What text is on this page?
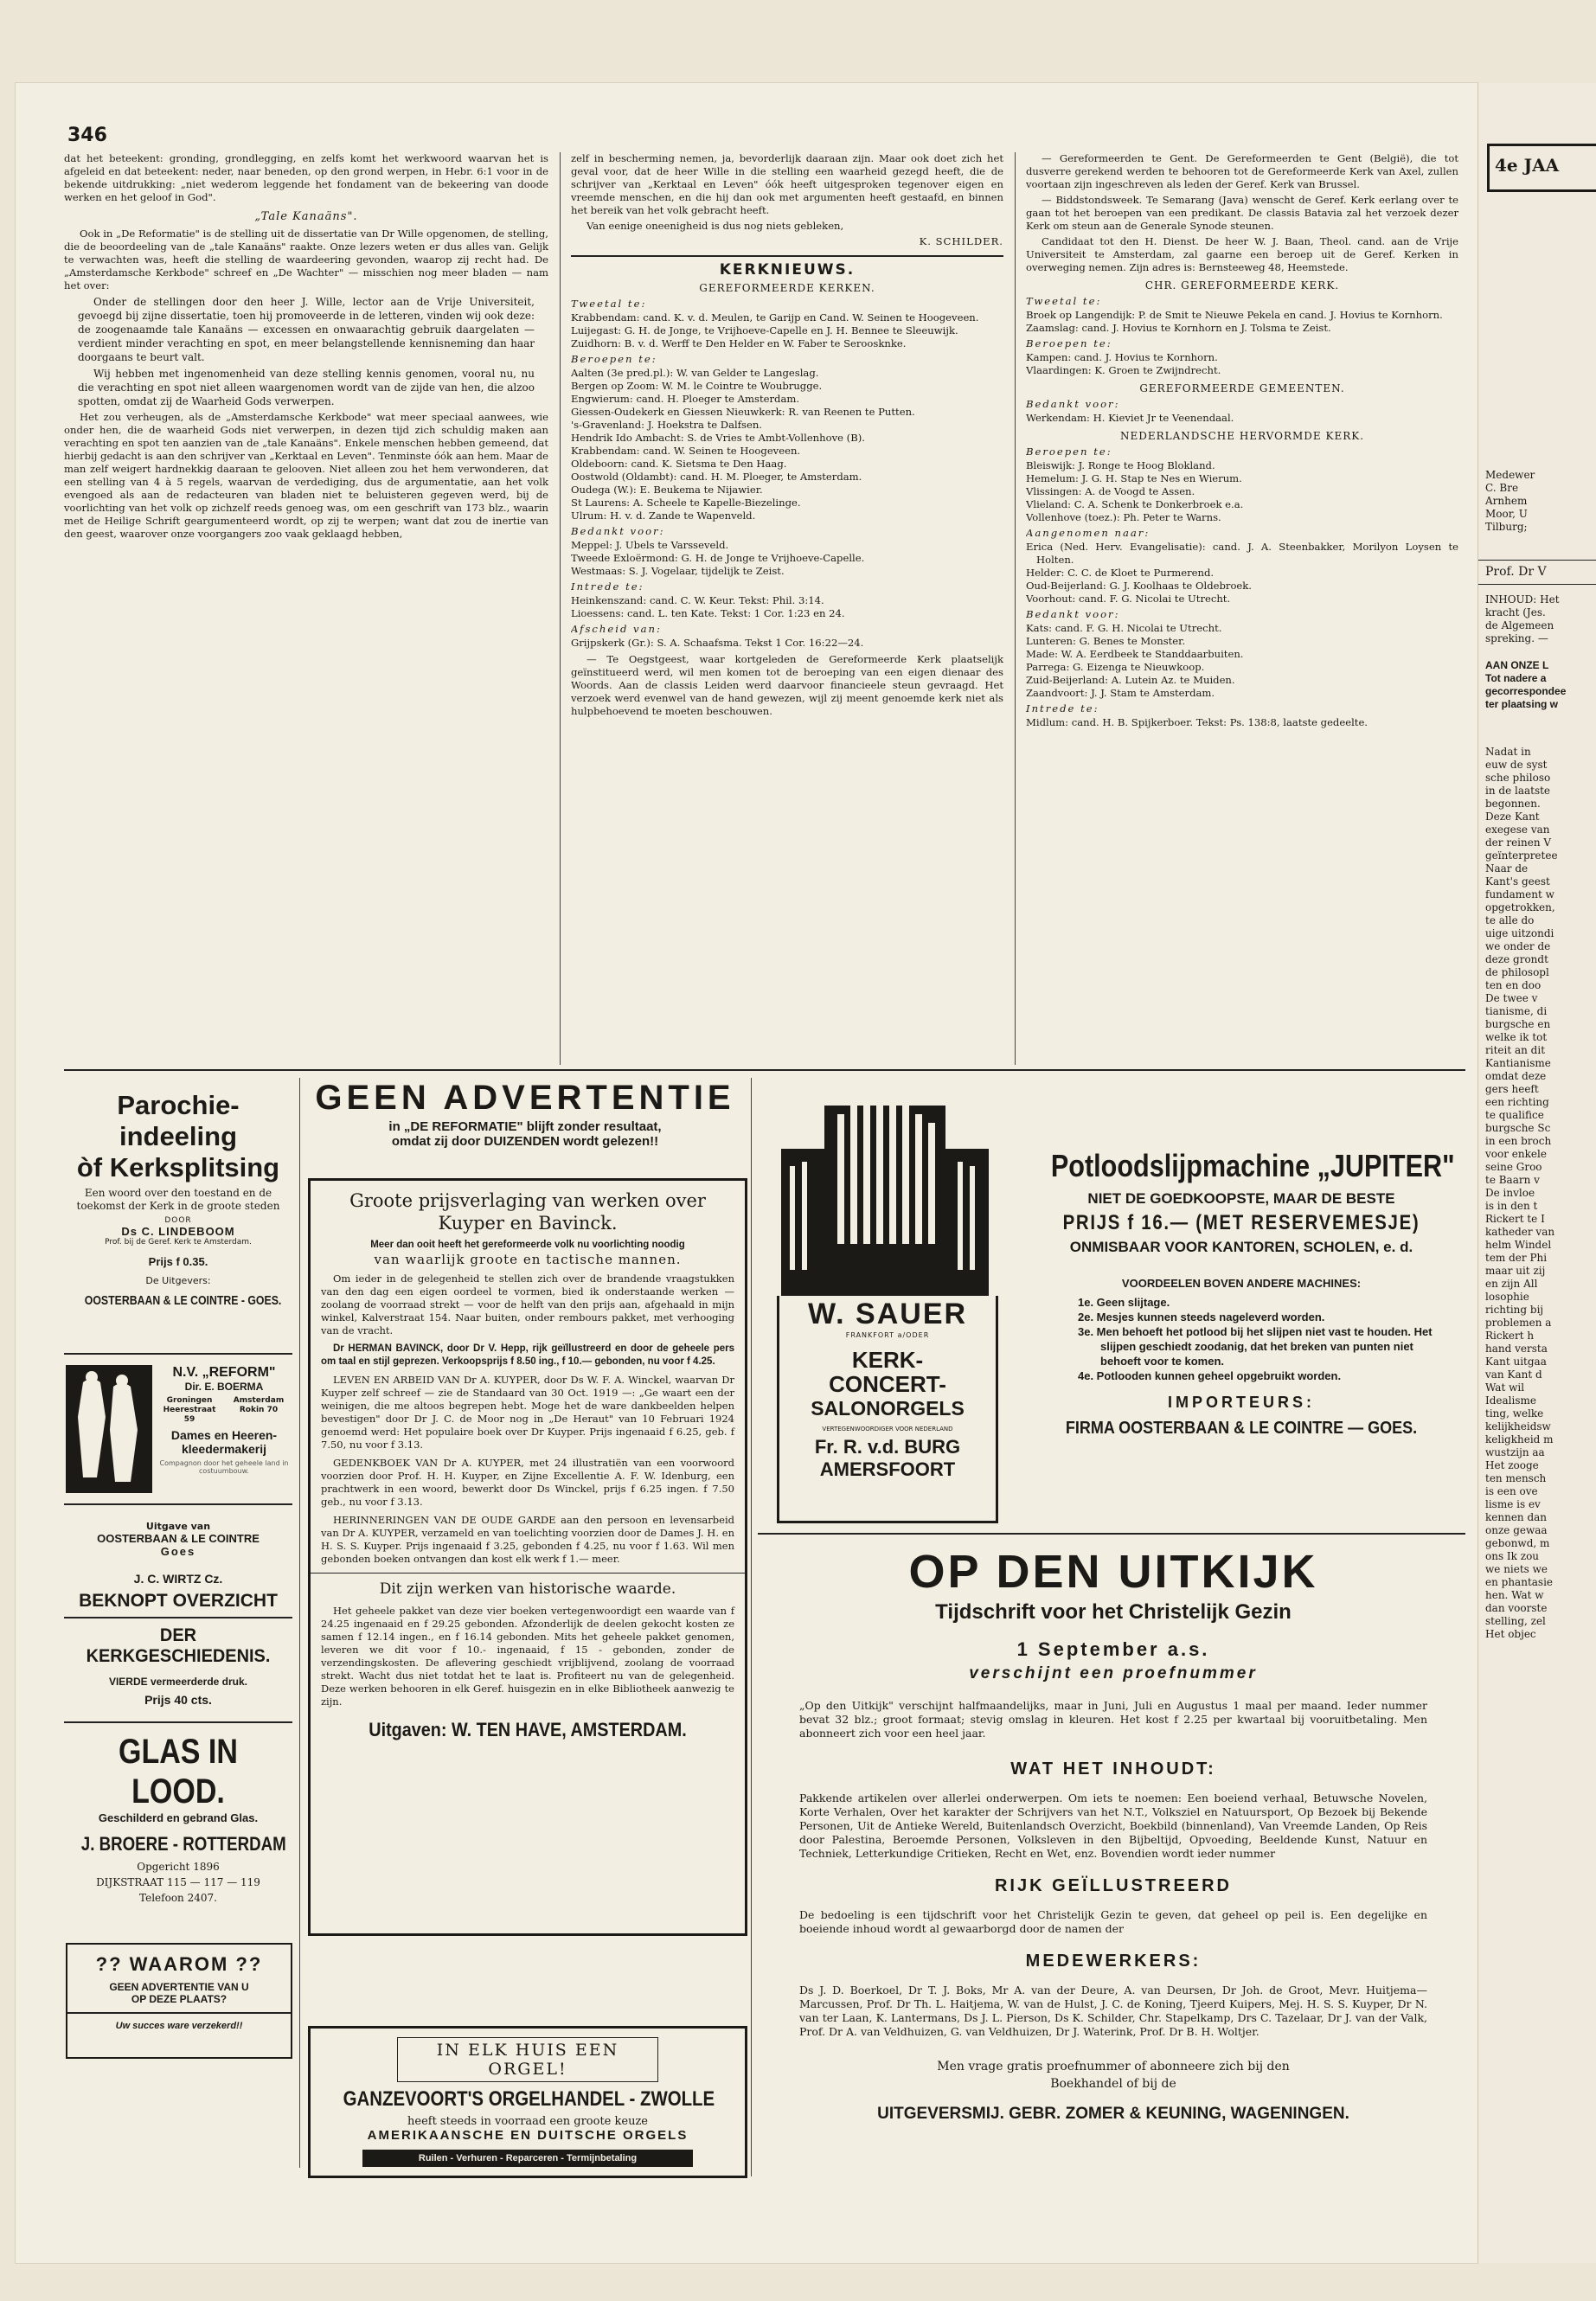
346

dat het beteekent: gronding, grondlegging, en zelfs komt het werkwoord waarvan het is afgeleid en dat beteekent: neder, naar beneden, op den grond werpen, in Hebr. 6:1 voor in de bekende uitdrukking: „niet wederom leggende het fondament van de bekeering van doode werken en het geloof in God".

„Tale Kanaäns".

Ook in „De Reformatie" is de stelling uit de dissertatie van Dr Wille opgenomen, de stelling, die de beoordeeling van de „tale Kanaäns" raakte. Onze lezers weten er dus alles van. Gelijk te verwachten was, heeft die stelling de waardeering gevonden, waarop zij recht had. De „Amsterdamsche Kerkbode" schreef en „De Wachter" — misschien nog meer bladen — nam het over:

Onder de stellingen door den heer J. Wille, lector aan de Vrije Universiteit, gevoegd bij zijne dissertatie, toen hij promoveerde in de letteren, vinden wij ook deze: de zoogenaamde tale Kanaäns — excessen en onwaarachtig gebruik daargelaten — verdient minder verachting en spot, en meer belangstellende kennisneming dan haar doorgaans te beurt valt.

Wij hebben met ingenomenheid van deze stelling kennis genomen, vooral nu, nu die verachting en spot niet alleen waargenomen wordt van de zijde van hen, die alzoo spotten, omdat zij de Waarheid Gods verwerpen.

Het zou verheugen, als de „Amsterdamsche Kerkbode" wat meer speciaal aanwees, wie onder hen, die de waarheid Gods niet verwerpen, in dezen tijd zich schuldig maken aan verachting en spot ten aanzien van de „tale Kanaäns". Enkele menschen hebben gemeend, dat hierbij gedacht is aan den schrijver van „Kerktaal en Leven". Tenminste óók aan hem. Maar de man zelf weigert hardnekkig daaraan te gelooven. Niet alleen zou het hem verwonderen, dat een stelling van 4 à 5 regels, waarvan de verdediging, dus de argumentatie, aan het volk evengoed als aan de redacteuren van bladen niet te beluisteren gegeven werd, bij de voorlichting van het volk op zichzelf reeds genoeg was, om een geschrift van 173 blz., waarin met de Heilige Schrift geargumenteerd wordt, op zij te werpen; want dat zou de inertie van den geest, waarover onze voorgangers zoo vaak geklaagd hebben,

zelf in bescherming nemen, ja, bevorderlijk daaraan zijn. Maar ook doet zich het geval voor, dat de heer Wille in die stelling een waarheid gezegd heeft, die de schrijver van „Kerktaal en Leven" óók heeft uitgesproken tegenover eigen en vreemde menschen, en die hij dan ook met argumenten heeft gestaafd, en binnen het bereik van het volk gebracht heeft.

Van eenige oneenigheid is dus nog niets gebleken,

K. SCHILDER.
KERKNIEUWS.
GEREFORMEERDE KERKEN.
Tweetal te:

Krabbendam: cand. K. v. d. Meulen, te Garijp en Cand. W. Seinen te Hoogeveen.

Luijegast: G. H. de Jonge, te Vrijhoeve-Capelle en J. H. Bennee te Sleeuwijk.

Zuidhorn: B. v. d. Werff te Den Helder en W. Faber te Seroosknke.

Beroepen te:

Aalten (3e pred.pl.): W. van Gelder te Langeslag.

Bergen op Zoom: W. M. le Cointre te Woubrugge.

Engwierum: cand. H. Ploeger te Amsterdam.

Giessen-Oudekerk en Giessen Nieuwkerk: R. van Reenen te Putten.

's-Gravenland: J. Hoekstra te Dalfsen.

Hendrik Ido Ambacht: S. de Vries te Ambt-Vollenhove (B).

Krabbendam: cand. W. Seinen te Hoogeveen.

Oldeboorn: cand. K. Sietsma te Den Haag.

Oostwold (Oldambt): cand. H. M. Ploeger, te Amsterdam.

Oudega (W.): E. Beukema te Nijawier.

St Laurens: A. Scheele te Kapelle-Biezelinge.

Ulrum: H. v. d. Zande te Wapenveld.

Bedankt voor:

Meppel: J. Ubels te Varsseveld.

Tweede Exloërmond: G. H. de Jonge te Vrijhoeve-Capelle.

Westmaas: S. J. Vogelaar, tijdelijk te Zeist.

Intrede te:

Heinkenszand: cand. C. W. Keur. Tekst: Phil. 3:14.

Lioessens: cand. L. ten Kate. Tekst: 1 Cor. 1:23 en 24.

Afscheid van:

Grijpskerk (Gr.): S. A. Schaafsma. Tekst 1 Cor. 16:22—24.

— Te Oegstgeest, waar kortgeleden de Gereformeerde Kerk plaatselijk geïnstitueerd werd, wil men komen tot de beroeping van een eigen dienaar des Woords. Aan de classis Leiden werd daarvoor financieele steun gevraagd. Het verzoek werd evenwel van de hand gewezen, wijl zij meent genoemde kerk niet als hulpbehoevend te moeten beschouwen.

— Gereformeerden te Gent. De Gereformeerden te Gent (België), die tot dusverre gerekend werden te behooren tot de Gereformeerde Kerk van Axel, zullen voortaan zijn ingeschreven als leden der Geref. Kerk van Brussel.

— Biddstondsweek. Te Semarang (Java) wenscht de Geref. Kerk eerlang over te gaan tot het beroepen van een predikant. De classis Batavia zal het verzoek dezer Kerk om steun aan de Generale Synode steunen.

Candidaat tot den H. Dienst. De heer W. J. Baan, Theol. cand. aan de Vrije Universiteit te Amsterdam, zal gaarne een beroep uit de Geref. Kerken in overweging nemen. Zijn adres is: Bernsteeweg 48, Heemstede.

CHR. GEREFORMEERDE KERK.
Tweetal te:

Broek op Langendijk: P. de Smit te Nieuwe Pekela en cand. J. Hovius te Kornhorn.

Zaamslag: cand. J. Hovius te Kornhorn en J. Tolsma te Zeist.

Beroepen te:

Kampen: cand. J. Hovius te Kornhorn.

Vlaardingen: K. Groen te Zwijndrecht.

GEREFORMEERDE GEMEENTEN.
Bedankt voor:

Werkendam: H. Kieviet Jr te Veenendaal.

NEDERLANDSCHE HERVORMDE KERK.
Beroepen te:

Bleiswijk: J. Ronge te Hoog Blokland.

Hemelum: J. G. H. Stap te Nes en Wierum.

Vlissingen: A. de Voogd te Assen.

Vlieland: C. A. Schenk te Donkerbroek e.a.

Vollenhove (toez.): Ph. Peter te Warns.

Aangenomen naar:

Erica (Ned. Herv. Evangelisatie): cand. J. A. Steenbakker, Morilyon Loysen te Holten.

Helder: C. C. de Kloet te Purmerend.

Oud-Beijerland: G. J. Koolhaas te Oldebroek.

Voorhout: cand. F. G. Nicolai te Utrecht.

Bedankt voor:

Kats: cand. F. G. H. Nicolai te Utrecht.

Lunteren: G. Benes te Monster.

Made: W. A. Eerdbeek te Standdaarbuiten.

Parrega: G. Eizenga te Nieuwkoop.

Zuid-Beijerland: A. Lutein Az. te Muiden.

Zaandvoort: J. J. Stam te Amsterdam.

Intrede te:

Midlum: cand. H. B. Spijkerboer. Tekst: Ps. 138:8, laatste gedeelte.

Parochie-indeeling
òf Kerksplitsing
Een woord over den toestand en de toekomst der Kerk in de groote steden
DOOR
Ds C. LINDEBOOM
Prof. bij de Geref. Kerk te Amsterdam.
Prijs f 0.35.
De Uitgevers:
OOSTERBAAN & LE COINTRE - GOES.
N.V. „REFORM"
Dir. E. BOERMA
Groningen Heerestraat 59
Amsterdam Rokin 70
Dames en Heeren-kleedermakerij
Compagnon door het geheele land in costuumbouw.
Uitgave van
OOSTERBAAN & LE COINTRE
Goes
J. C. WIRTZ Cz.
BEKNOPT OVERZICHT
DER KERKGESCHIEDENIS.
VIERDE vermeerderde druk.
Prijs 40 cts.
GLAS IN LOOD.
Geschilderd en gebrand Glas.
J. BROERE - ROTTERDAM
Opgericht 1896
DIJKSTRAAT 115 — 117 — 119
Telefoon 2407.
?? WAAROM ??
GEEN ADVERTENTIE VAN U
OP DEZE PLAATS?
Uw succes ware verzekerd!!
GEEN ADVERTENTIE
in „DE REFORMATIE" blijft zonder resultaat,
omdat zij door DUIZENDEN wordt gelezen!!
Groote prijsverlaging van werken over Kuyper en Bavinck.
Meer dan ooit heeft het gereformeerde volk nu voorlichting noodig
van waarlijk groote en tactische mannen.

Om ieder in de gelegenheid te stellen zich over de brandende vraagstukken van den dag een eigen oordeel te vormen, bied ik onderstaande werken — zoolang de voorraad strekt — voor de helft van den prijs aan, afgehaald in mijn winkel, Kalverstraat 154. Naar buiten, onder rembours pakket, met verhooging van de vracht.

Dr HERMAN BAVINCK, door Dr V. Hepp, rijk geïllustreerd en door de geheele pers om taal en stijl geprezen. Verkoopsprijs f 8.50 ing., f 10.— gebonden, nu voor f 4.25.

LEVEN EN ARBEID VAN Dr A. KUYPER, door Ds W. F. A. Winckel, waarvan Dr Kuyper zelf schreef — zie de Standaard van 30 Oct. 1919 —: „Ge waart een der weinigen, die me altoos begrepen hebt. Moge het de ware dankbeelden helpen bevestigen" door Dr J. C. de Moor nog in „De Heraut" van 10 Februari 1924 genoemd werd: Het populaire boek over Dr Kuyper. Prijs ingenaaid f 6.25, geb. f 7.50, nu voor f 3.13.

GEDENKBOEK VAN Dr A. KUYPER, met 24 illustratiën van een voorwoord voorzien door Prof. H. H. Kuyper, en Zijne Excellentie A. F. W. Idenburg, een prachtwerk in een woord, bewerkt door Ds Winckel, prijs f 6.25 ingen. f 7.50 geb., nu voor f 3.13.

HERINNERINGEN VAN DE OUDE GARDE aan den persoon en levensarbeid van Dr A. KUYPER, verzameld en van toelichting voorzien door de Dames J. H. en H. S. S. Kuyper. Prijs ingenaaid f 3.25, gebonden f 4.25, nu voor f 1.63. Wil men gebonden boeken ontvangen dan kost elk werk f 1.— meer.

Dit zijn werken van historische waarde.

Het geheele pakket van deze vier boeken vertegenwoordigt een waarde van f 24.25 ingenaaid en f 29.25 gebonden. Afzonderlijk de deelen gekocht kosten ze samen f 12.14 ingen., en f 16.14 gebonden. Mits het geheele pakket genomen, leveren we dit voor f 10.- ingenaaid, f 15 - gebonden, zonder de verzendingskosten. De aflevering geschiedt vrijblijvend, zoolang de voorraad strekt. Wacht dus niet totdat het te laat is. Profiteert nu van de gelegenheid. Deze werken behooren in elk Geref. huisgezin en in elke Bibliotheek aanwezig te zijn.

Uitgaven: W. TEN HAVE, AMSTERDAM.
IN ELK HUIS EEN ORGEL!
GANZEVOORT'S ORGELHANDEL - ZWOLLE
heeft steeds in voorraad een groote keuze
AMERIKAANSCHE EN DUITSCHE ORGELS
Ruilen - Verhuren - Reparceren - Termijnbetaling
W. SAUER
FRANKFORT a/ODER
KERK-
CONCERT-
SALONORGELS
VERTEGENWOORDIGER VOOR NEDERLAND
Fr. R. v.d. BURG
AMERSFOORT
Potloodslijpmachine „JUPITER"
NIET DE GOEDKOOPSTE, MAAR DE BESTE
PRIJS f 16.— (MET RESERVEMESJE)
ONMISBAAR VOOR KANTOREN, SCHOLEN, e. d.
VOORDEELEN BOVEN ANDERE MACHINES:
1e. Geen slijtage.
2e. Mesjes kunnen steeds nageleverd worden.
3e. Men behoeft het potlood bij het slijpen niet vast te houden. Het slijpen geschiedt zoodanig, dat het breken van punten niet behoeft voor te komen.
4e. Potlooden kunnen geheel opgebruikt worden.
IMPORTEURS:
FIRMA OOSTERBAAN & LE COINTRE — GOES.
OP DEN UITKIJK
Tijdschrift voor het Christelijk Gezin
1 September a.s.
verschijnt een proefnummer
„Op den Uitkijk" verschijnt halfmaandelijks, maar in Juni, Juli en Augustus 1 maal per maand. Ieder nummer bevat 32 blz.; groot formaat; stevig omslag in kleuren. Het kost f 2.25 per kwartaal bij vooruitbetaling. Men abonneert zich voor een heel jaar.
WAT HET INHOUDT:
Pakkende artikelen over allerlei onderwerpen. Om iets te noemen: Een boeiend verhaal, Betuwsche Novelen, Korte Verhalen, Over het karakter der Schrijvers van het N.T., Volksziel en Natuursport, Op Bezoek bij Bekende Personen, Uit de Antieke Wereld, Buitenlandsch Overzicht, Boekbild (binnenland), Van Vreemde Landen, Op Reis door Palestina, Beroemde Personen, Volksleven in den Bijbeltijd, Opvoeding, Beeldende Kunst, Natuur en Techniek, Letterkundige Critieken, Recht en Wet, enz. Bovendien wordt ieder nummer
RIJK GEÏLLUSTREERD
De bedoeling is een tijdschrift voor het Christelijk Gezin te geven, dat geheel op peil is. Een degelijke en boeiende inhoud wordt al gewaarborgd door de namen der
MEDEWERKERS:
Ds J. D. Boerkoel, Dr T. J. Boks, Mr A. van der Deure, A. van Deursen, Dr Joh. de Groot, Mevr. Huitjema—Marcussen, Prof. Dr Th. L. Haitjema, W. van de Hulst, J. C. de Koning, Tjeerd Kuipers, Mej. H. S. S. Kuyper, Dr N. van ter Laan, K. Lantermans, Ds J. L. Pierson, Ds K. Schilder, Chr. Stapelkamp, Drs C. Tazelaar, Dr J. van der Valk, Prof. Dr A. van Veldhuizen, G. van Veldhuizen, Dr J. Waterink, Prof. Dr B. H. Woltjer.
Men vrage gratis proefnummer of abonneere zich bij den Boekhandel of bij de
UITGEVERSMIJ. GEBR. ZOMER & KEUNING, WAGENINGEN.
4e JAA
Medewer
C. Bre
Arnhem
Moor, U
Tilburg;
Prof. Dr V
INHOUD: Het
kracht (Jes.
de Algemeen
spreking. —
AAN ONZE L
Tot nadere a
gecorrespondee
ter plaatsing w
Nadat in
euw de syst
sche philoso
in de laatste
begonnen.
Deze Kant
exegese van
der reinen V
geïnterpretee
Naar de
Kant's geest
fundament w
opgetrokken,
te alle do
uige uitzondi
we onder de
deze grondt
de philosopl
ten en doo
De twee v
tianisme, di
burgsche en
welke ik tot
riteit an dit
Kantianisme
omdat deze
gers heeft
een richting
te qualifice
burgsche Sc
in een broch
voor enkele
seine Groo
te Baarn v
De invloe
is in den t
Rickert te I
katheder van
helm Windel
tem der Phi
maar uit zij
en zijn All
losophie
richting bij
problemen a
Rickert h
hand versta
Kant uitgaa
van Kant d
Wat wil
Idealisme
ting, welke
kelijkheidsw
keligkheid m
wustzijn aa
Het zooge
ten mensch
is een ove
lisme is ev
kennen dan
onze gewaa
gebonwd, m
ons Ik zou
we niets we
en phantasie
hen. Wat w
dan voorste
stelling, zel
Het objec
